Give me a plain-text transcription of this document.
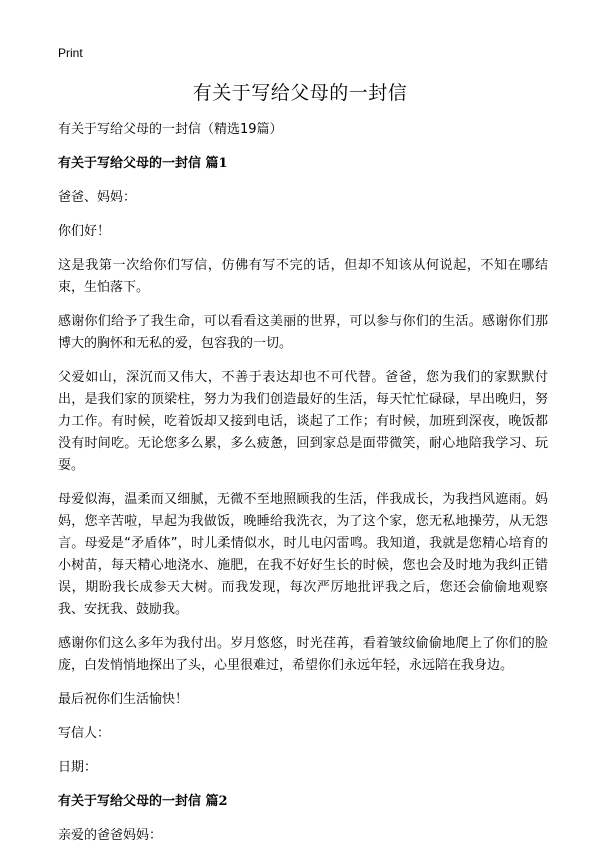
Print
有关于写给父母的一封信

有关于写给父母的一封信（精选19篇）

有关于写给父母的一封信 篇1

爸爸、妈妈：

你们好！

这是我第一次给你们写信，仿佛有写不完的话，但却不知该从何说起，不知在哪结束，生怕落下。

感谢你们给予了我生命，可以看看这美丽的世界，可以参与你们的生活。感谢你们那博大的胸怀和无私的爱，包容我的一切。

父爱如山，深沉而又伟大，不善于表达却也不可代替。爸爸，您为我们的家默默付出，是我们家的顶梁柱，努力为我们创造最好的生活，每天忙忙碌碌，早出晚归，努力工作。有时候，吃着饭却又接到电话，谈起了工作；有时候，加班到深夜，晚饭都没有时间吃。无论您多么累，多么疲惫，回到家总是面带微笑，耐心地陪我学习、玩耍。

母爱似海，温柔而又细腻，无微不至地照顾我的生活，伴我成长，为我挡风遮雨。妈妈，您辛苦啦，早起为我做饭，晚睡给我洗衣，为了这个家，您无私地操劳，从无怨言。母爱是“矛盾体”，时儿柔情似水，时儿电闪雷鸣。我知道，我就是您精心培育的小树苗，每天精心地浇水、施肥，在我不好好生长的时候，您也会及时地为我纠正错误，期盼我长成参天大树。而我发现，每次严厉地批评我之后，您还会偷偷地观察我、安抚我、鼓励我。

感谢你们这么多年为我付出。岁月悠悠，时光荏苒，看着皱纹偷偷地爬上了你们的脸庞，白发悄悄地探出了头，心里很难过，希望你们永远年轻，永远陪在我身边。

最后祝你们生活愉快！

写信人：

日期：

有关于写给父母的一封信 篇2

亲爱的爸爸妈妈：
